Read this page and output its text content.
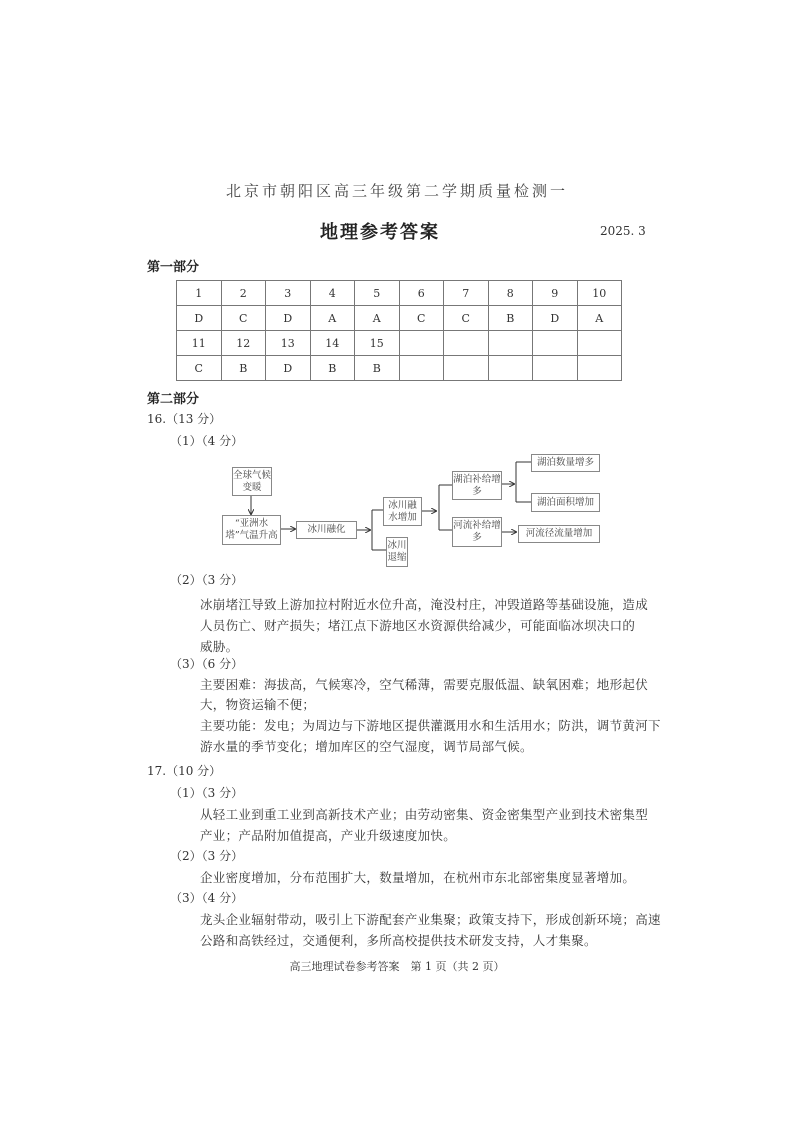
北京市朝阳区高三年级第二学期质量检测一
地理参考答案	2025. 3
第一部分
1	2	3	4	5	6	7	8	9	10
D	C	D	A	A	C	C	B	D	A
11	12	13	14	15					
C	B	D	B	B					
第二部分
16.（13 分）
（1）（4 分）
全球气候变暖
“亚洲水塔”气温升高
冰川融化
冰川融水增加
冰川退缩
湖泊补给增多
河流补给增多
湖泊数量增多
湖泊面积增加
河流径流量增加
（2）（3 分）
冰崩堵江导致上游加拉村附近水位升高，淹没村庄，冲毁道路等基础设施，造成
人员伤亡、财产损失；堵江点下游地区水资源供给减少，可能面临冰坝决口的
威胁。
（3）（6 分）
主要困难：海拔高，气候寒冷，空气稀薄，需要克服低温、缺氧困难；地形起伏
大，物资运输不便；
主要功能：发电；为周边与下游地区提供灌溉用水和生活用水；防洪，调节黄河下
游水量的季节变化；增加库区的空气湿度，调节局部气候。
17.（10 分）
（1）（3 分）
从轻工业到重工业到高新技术产业；由劳动密集、资金密集型产业到技术密集型
产业；产品附加值提高，产业升级速度加快。
（2）（3 分）
企业密度增加，分布范围扩大，数量增加，在杭州市东北部密集度显著增加。
（3）（4 分）
龙头企业辐射带动，吸引上下游配套产业集聚；政策支持下，形成创新环境；高速
公路和高铁经过，交通便利，多所高校提供技术研发支持，人才集聚。
高三地理试卷参考答案　第 1 页（共 2 页）
